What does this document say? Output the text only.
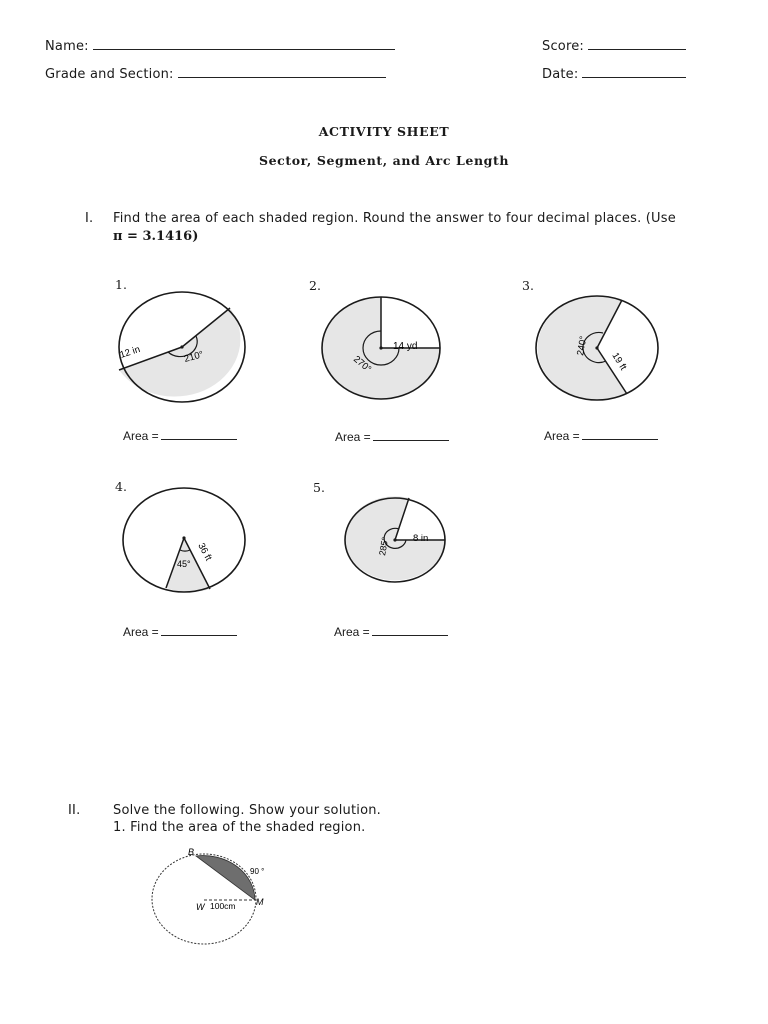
Name:	Score:
Grade and Section:	Date:
ACTIVITY SHEET
Sector, Segment, and Arc Length
I. Find the area of each shaded region. Round the answer to four decimal places. (Use
π = 3.1416)
1.	2.	3.
4.	5.
12 in	210°
14 yd
270°	19 ft
240°
45°
36 ft
8 in
285°
B
90 °
W 100cm M
Area =	Area =	Area =
Area =	Area =
II.	Solve the following. Show your solution.
1. Find the area of the shaded region.
